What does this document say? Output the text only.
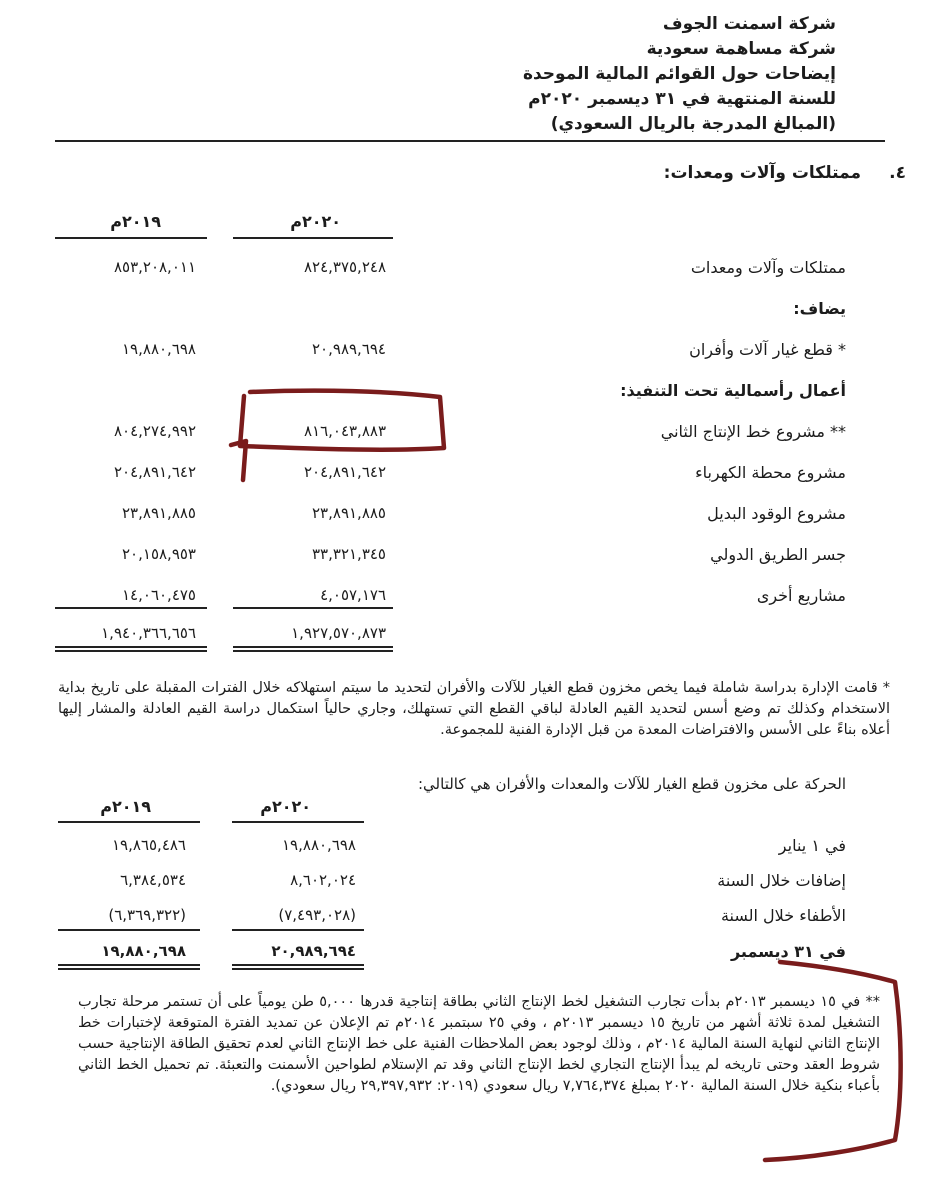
شركة اسمنت الجوف
شركة مساهمة سعودية
إيضاحات حول القوائم المالية الموحدة
للسنة المنتهية في ٣١ ديسمبر ٢٠٢٠م
(المبالغ المدرجة بالريال السعودي)
٤.
ممتلكات وآلات ومعدات:
٢٠٢٠م
٢٠١٩م
ممتلكات وآلات ومعدات
٨٢٤,٣٧٥,٢٤٨
٨٥٣,٢٠٨,٠١١
يضاف:
* قطع غيار آلات وأفران
٢٠,٩٨٩,٦٩٤
١٩,٨٨٠,٦٩٨
أعمال رأسمالية تحت التنفيذ:
** مشروع خط الإنتاج الثاني
٨١٦,٠٤٣,٨٨٣
٨٠٤,٢٧٤,٩٩٢
مشروع محطة الكهرباء
٢٠٤,٨٩١,٦٤٢
٢٠٤,٨٩١,٦٤٢
مشروع الوقود البديل
٢٣,٨٩١,٨٨٥
٢٣,٨٩١,٨٨٥
جسر الطريق الدولي
٣٣,٣٢١,٣٤٥
٢٠,١٥٨,٩٥٣
مشاريع أخرى
٤,٠٥٧,١٧٦
١٤,٠٦٠,٤٧٥
١,٩٢٧,٥٧٠,٨٧٣
١,٩٤٠,٣٦٦,٦٥٦
* قامت الإدارة بدراسة شاملة فيما يخص مخزون قطع الغيار للآلات والأفران لتحديد ما سيتم استهلاكه خلال الفترات المقبلة على تاريخ بداية الاستخدام وكذلك تم وضع أسس لتحديد القيم العادلة لباقي القطع التي تستهلك، وجاري حالياً استكمال دراسة القيم العادلة والمشار إليها أعلاه بناءً على الأسس والافتراضات المعدة من قبل الإدارة الفنية للمجموعة.
الحركة على مخزون قطع الغيار للآلات والمعدات والأفران هي كالتالي:
٢٠٢٠م
٢٠١٩م
في ١ يناير
١٩,٨٨٠,٦٩٨
١٩,٨٦٥,٤٨٦
إضافات خلال السنة
٨,٦٠٢,٠٢٤
٦,٣٨٤,٥٣٤
الأطفاء خلال السنة
(٧,٤٩٣,٠٢٨)
(٦,٣٦٩,٣٢٢)
في ٣١ ديسمبر
٢٠,٩٨٩,٦٩٤
١٩,٨٨٠,٦٩٨
** في ١٥ ديسمبر ٢٠١٣م بدأت تجارب التشغيل لخط الإنتاج الثاني بطاقة إنتاجية قدرها ٥,٠٠٠ طن يومياً على أن تستمر مرحلة تجارب التشغيل لمدة ثلاثة أشهر من تاريخ ١٥ ديسمبر ٢٠١٣م ، وفي ٢٥ سبتمبر ٢٠١٤م تم الإعلان عن تمديد الفترة المتوقعة لإختبارات خط الإنتاج الثاني لنهاية السنة المالية ٢٠١٤م ، وذلك لوجود بعض الملاحظات الفنية على خط الإنتاج الثاني لعدم تحقيق الطاقة الإنتاجية حسب شروط العقد وحتى تاريخه لم يبدأ الإنتاج التجاري لخط الإنتاج الثاني وقد تم الإستلام لطواحين الأسمنت والتعبئة. تم تحميل الخط الثاني بأعباء بنكية خلال السنة المالية ٢٠٢٠ بمبلغ ٧,٧٦٤,٣٧٤ ريال سعودي (٢٠١٩: ٢٩,٣٩٧,٩٣٢ ريال سعودي).
